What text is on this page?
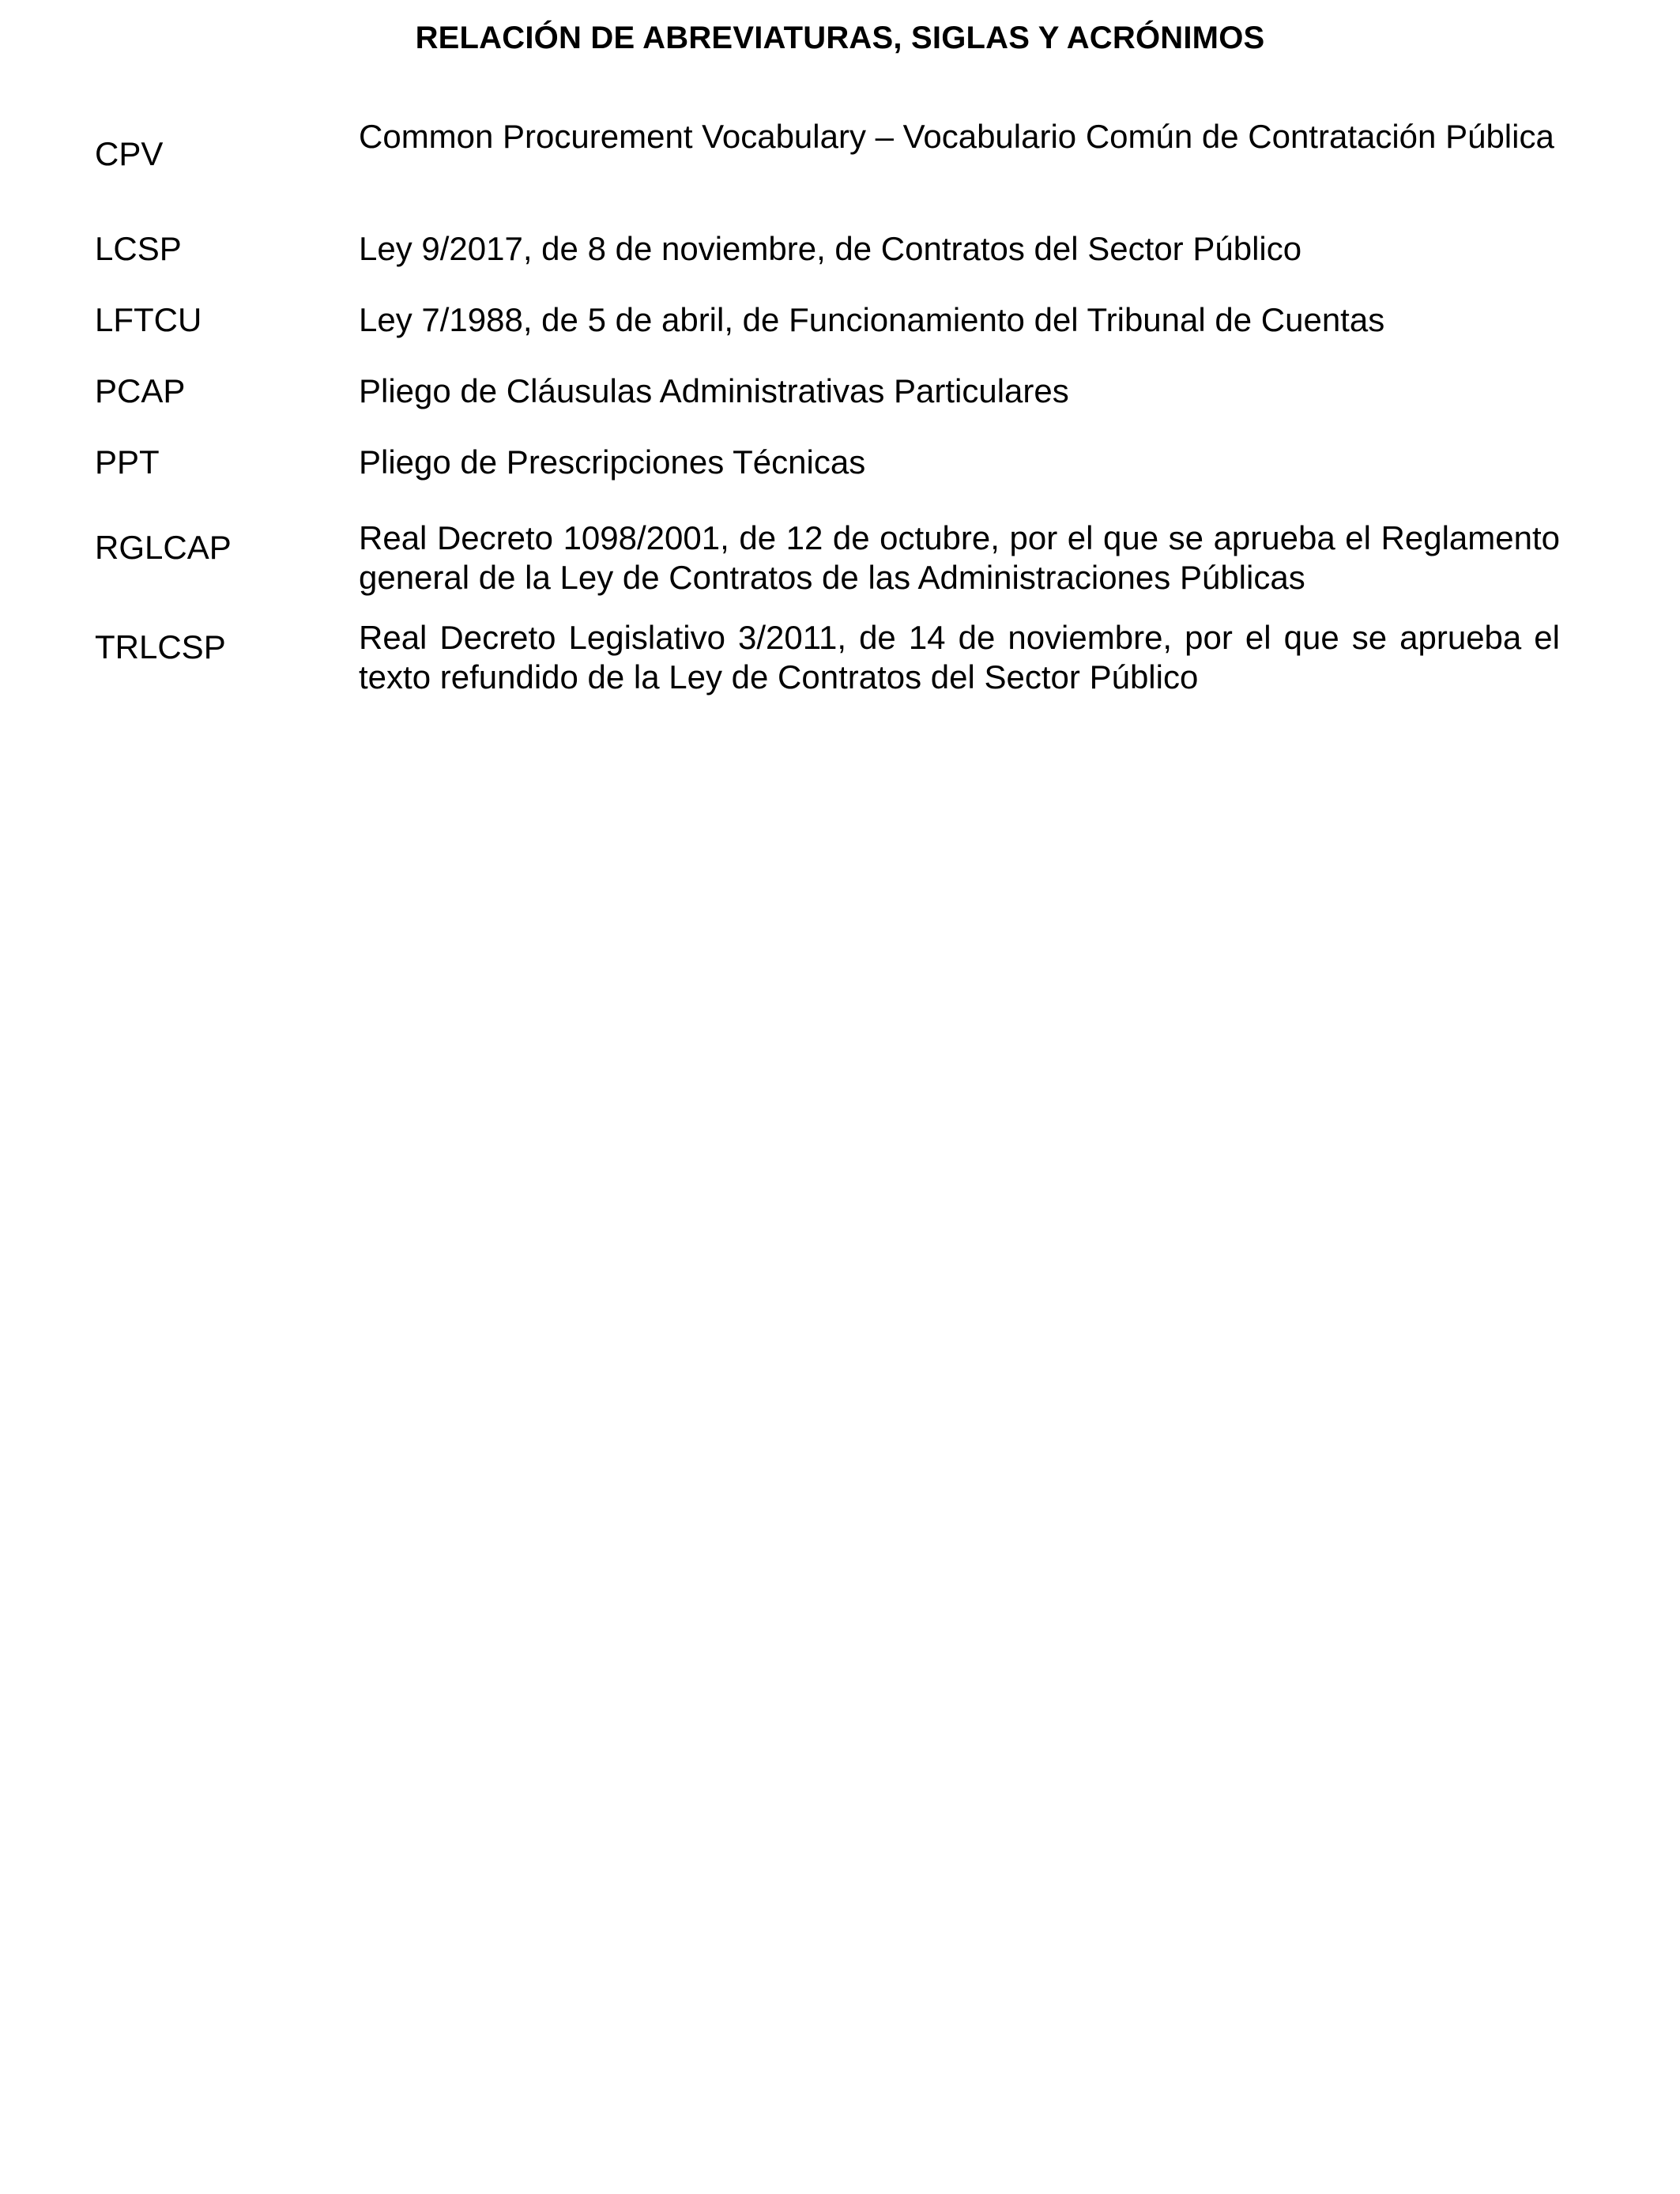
RELACIÓN DE ABREVIATURAS, SIGLAS Y ACRÓNIMOS
CPV	Common Procurement Vocabulary – Vocabulario Común de Contratación Pública
LCSP	Ley 9/2017, de 8 de noviembre, de Contratos del Sector Público
LFTCU	Ley 7/1988, de 5 de abril, de Funcionamiento del Tribunal de Cuentas
PCAP	Pliego de Cláusulas Administrativas Particulares
PPT	Pliego de Prescripciones Técnicas
RGLCAP	Real Decreto 1098/2001, de 12 de octubre, por el que se aprueba el Reglamento general de la Ley de Contratos de las Administraciones Públicas
TRLCSP	Real Decreto Legislativo 3/2011, de 14 de noviembre, por el que se aprueba el texto refundido de la Ley de Contratos del Sector Público
